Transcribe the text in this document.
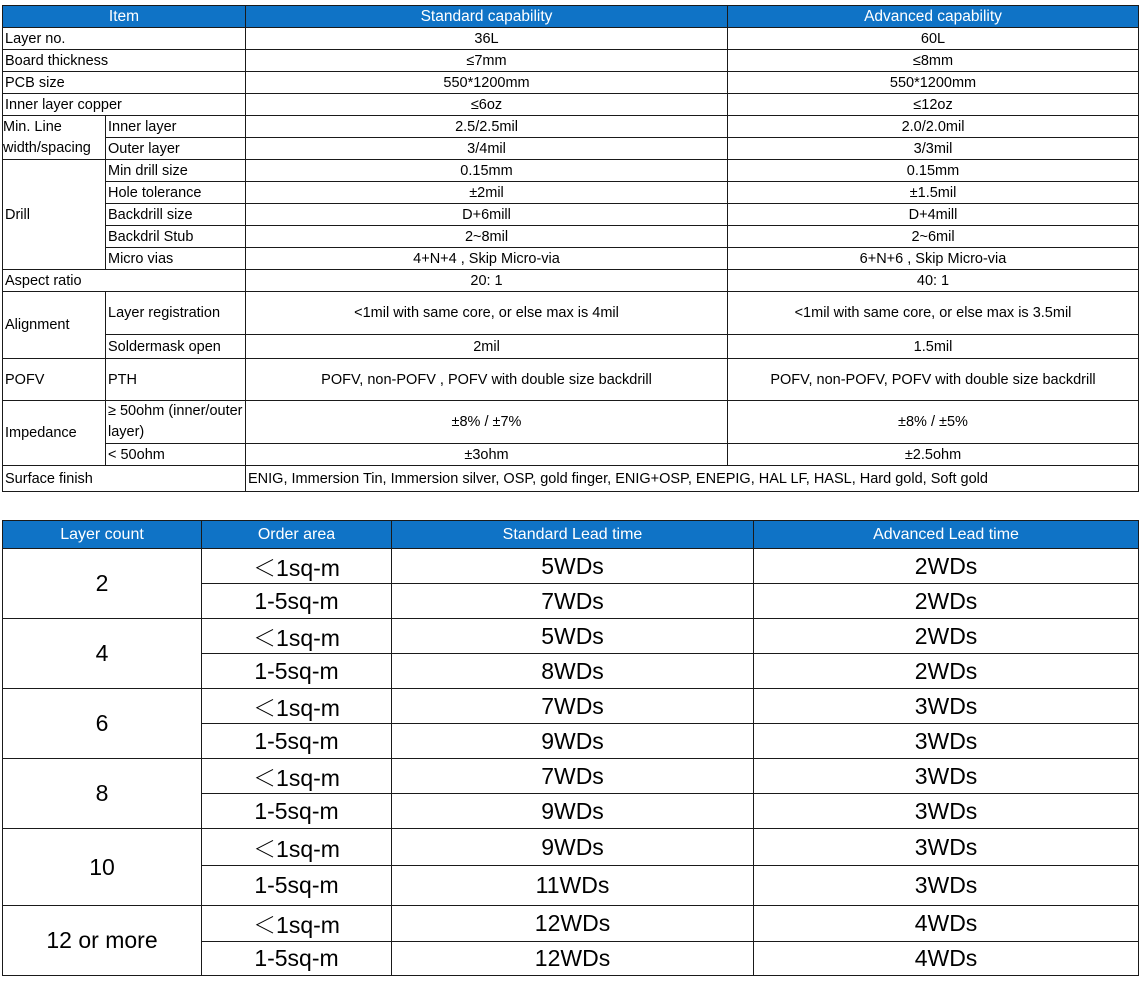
Item		Standard capability	Advanced capability
Layer no.		36L	60L
Board thickness		≤7mm	≤8mm
PCB size		550*1200mm	550*1200mm
Inner layer copper		≤6oz	≤12oz
Min. Line width/spacing	Inner layer	2.5/2.5mil	2.0/2.0mil
	Outer layer	3/4mil	3/3mil
Drill	Min drill size	0.15mm	0.15mm
	Hole tolerance	±2mil	±1.5mil
	Backdrill size	D+6mill	D+4mill
	Backdril Stub	2~8mil	2~6mil
	Micro vias	4+N+4 , Skip Micro-via	6+N+6 , Skip Micro-via
Aspect ratio		20: 1	40: 1
Alignment	Layer registration	<1mil with same core, or else max is 4mil	<1mil with same core, or else max is 3.5mil
	Soldermask open	2mil	1.5mil
POFV	PTH	POFV, non-POFV , POFV with double size backdrill	POFV, non-POFV, POFV with double size backdrill
Impedance	≥ 50ohm (inner/outer layer)	±8% / ±7%	±8% / ±5%
	< 50ohm	±3ohm	±2.5ohm
Surface finish		ENIG, Immersion Tin, Immersion silver, OSP, gold finger, ENIG+OSP, ENEPIG, HAL LF, HASL, Hard gold, Soft gold	
Layer count	Order area	Standard Lead time	Advanced Lead time
2	＜1sq-m	5WDs	2WDs
	1-5sq-m	7WDs	2WDs
4	＜1sq-m	5WDs	2WDs
	1-5sq-m	8WDs	2WDs
6	＜1sq-m	7WDs	3WDs
	1-5sq-m	9WDs	3WDs
8	＜1sq-m	7WDs	3WDs
	1-5sq-m	9WDs	3WDs
10	＜1sq-m	9WDs	3WDs
	1-5sq-m	11WDs	3WDs
12 or more	＜1sq-m	12WDs	4WDs
	1-5sq-m	12WDs	4WDs
